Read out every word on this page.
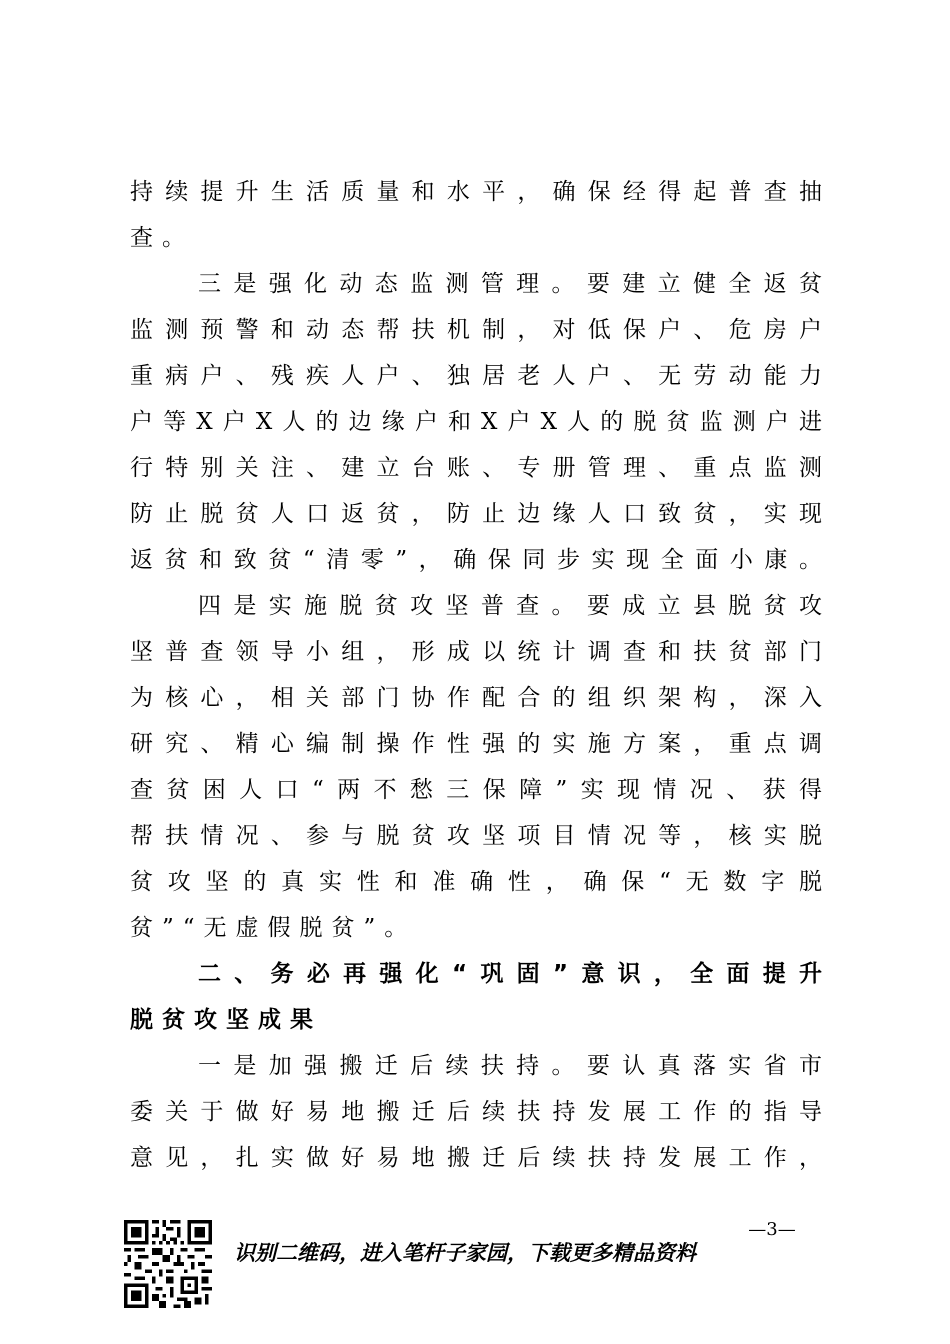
持续提升生活质量和水平，确保经得起普查抽
查。
三是强化动态监测管理。要建立健全返贫
监测预警和动态帮扶机制，对低保户、危房户
重病户、残疾人户、独居老人户、无劳动能力
户等X户X人的边缘户和X户X人的脱贫监测户进
行特别关注、建立台账、专册管理、重点监测
防止脱贫人口返贫，防止边缘人口致贫，实现
返贫和致贫“清零”，确保同步实现全面小康。
四是实施脱贫攻坚普查。要成立县脱贫攻
坚普查领导小组，形成以统计调查和扶贫部门
为核心，相关部门协作配合的组织架构，深入
研究、精心编制操作性强的实施方案，重点调
查贫困人口“两不愁三保障”实现情况、获得
帮扶情况、参与脱贫攻坚项目情况等，核实脱
贫攻坚的真实性和准确性，确保“无数字脱
贫”“无虚假脱贫”。
二、务必再强化“巩固”意识，全面提升
脱贫攻坚成果
一是加强搬迁后续扶持。要认真落实省市
委关于做好易地搬迁后续扶持发展工作的指导
意见，扎实做好易地搬迁后续扶持发展工作，
识别二维码，进入笔杆子家园，下载更多精品资料
—3—
